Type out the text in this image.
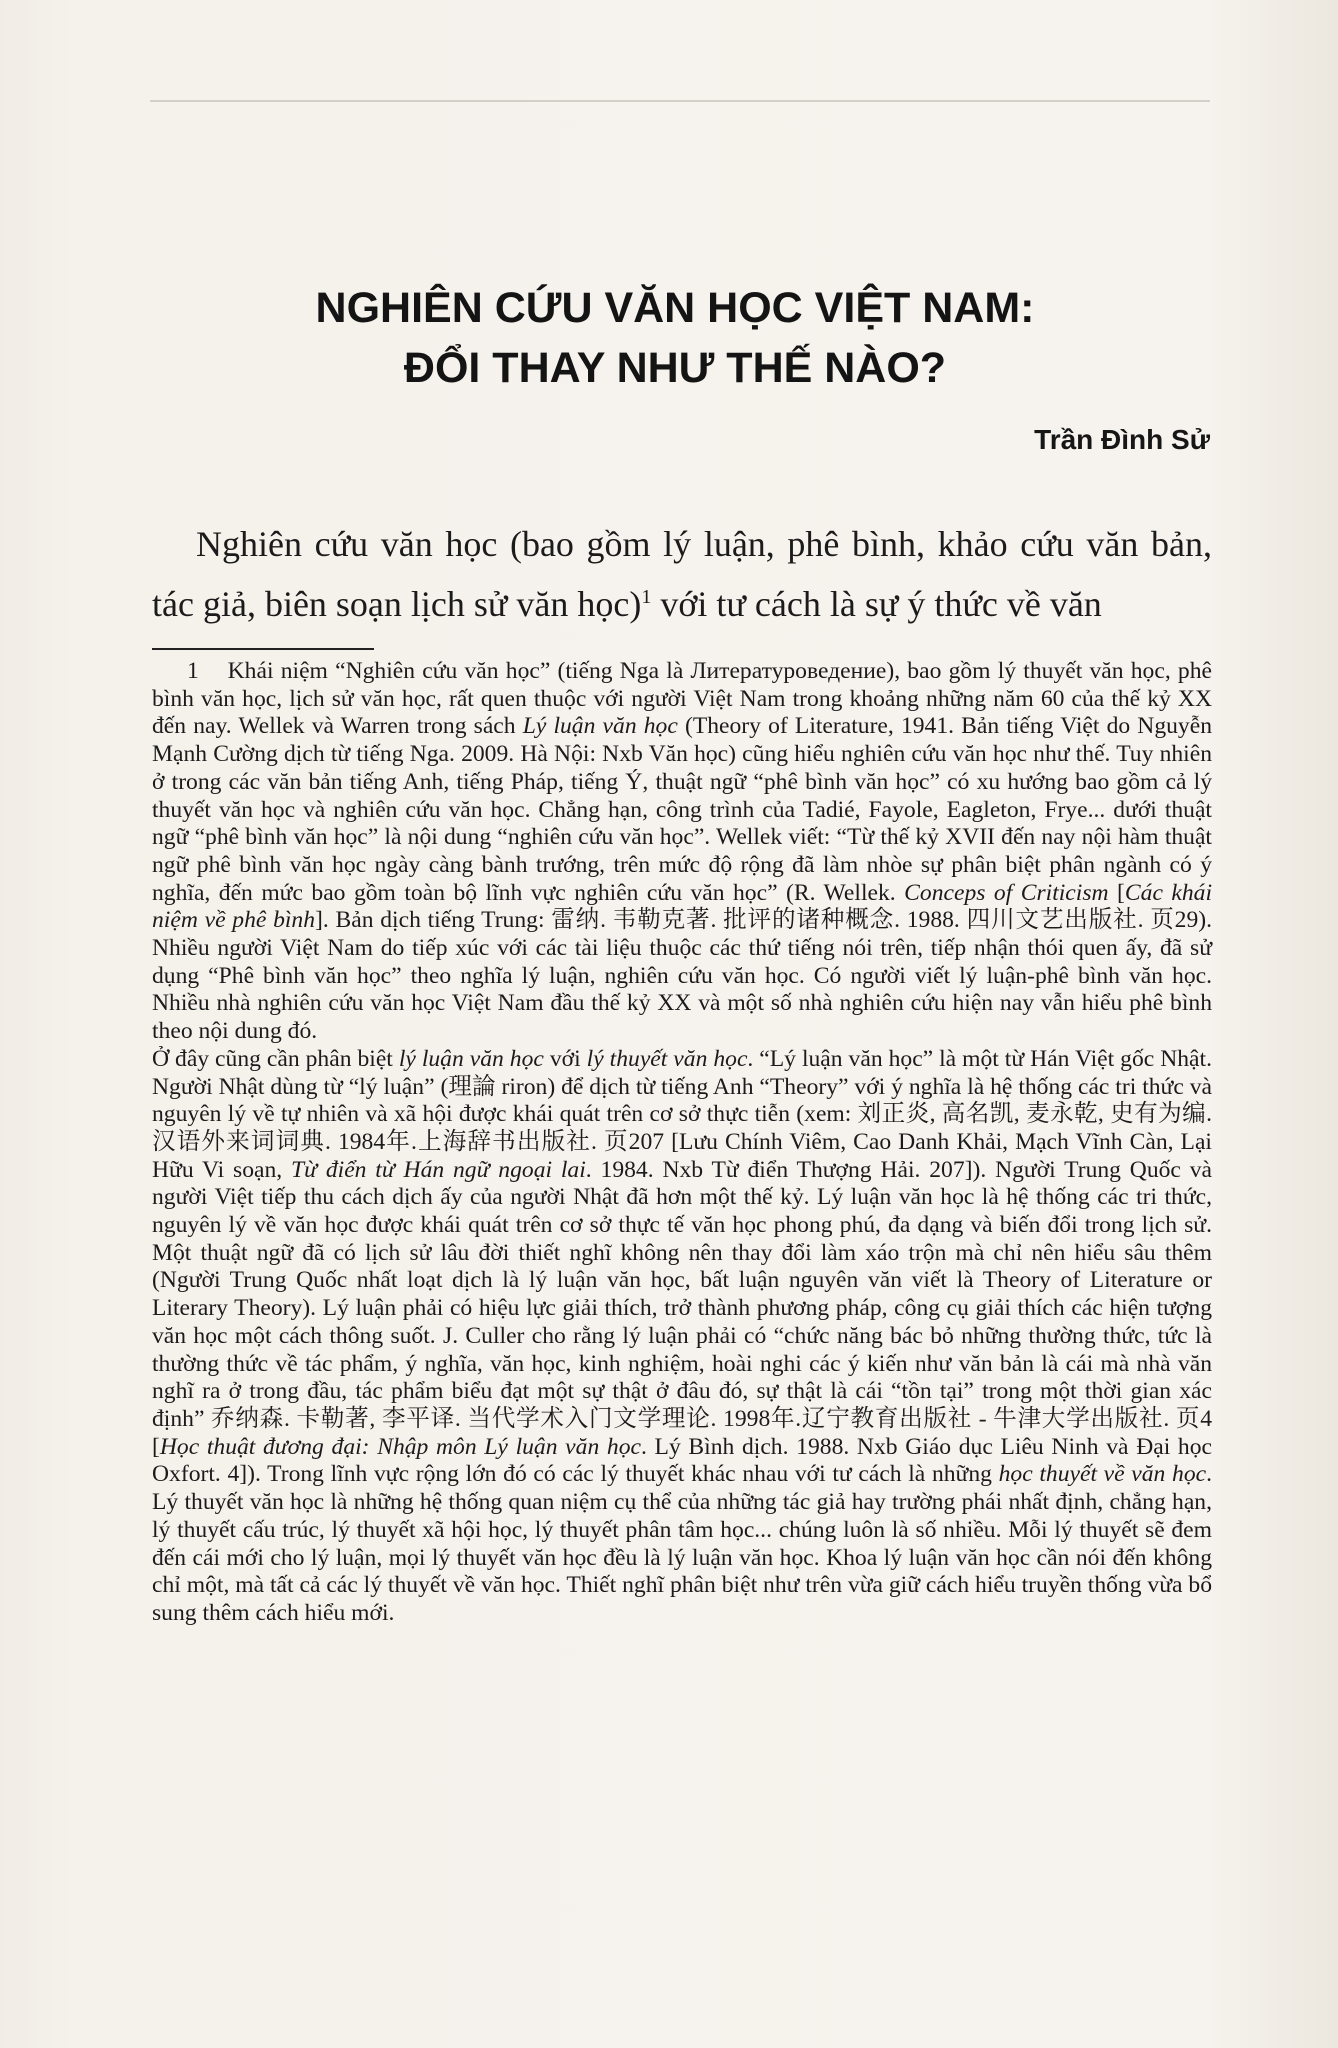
NGHIÊN CỨU VĂN HỌC VIỆT NAM:
ĐỔI THAY NHƯ THẾ NÀO?
Trần Đình Sử

Nghiên cứu văn học (bao gồm lý luận, phê bình, khảo cứu văn bản, tác giả, biên soạn lịch sử văn học)$^1$ với tư cách là sự ý thức về văn

1 Khái niệm “Nghiên cứu văn học” (tiếng Nga là Литературоведение), bao gồm lý thuyết văn học, phê bình văn học, lịch sử văn học, rất quen thuộc với người Việt Nam trong khoảng những năm 60 của thế kỷ XX đến nay. Wellek và Warren trong sách Lý luận văn học (Theory of Literature, 1941. Bản tiếng Việt do Nguyễn Mạnh Cường dịch từ tiếng Nga. 2009. Hà Nội: Nxb Văn học) cũng hiểu nghiên cứu văn học như thế. Tuy nhiên ở trong các văn bản tiếng Anh, tiếng Pháp, tiếng Ý, thuật ngữ “phê bình văn học” có xu hướng bao gồm cả lý thuyết văn học và nghiên cứu văn học. Chẳng hạn, công trình của Tadié, Fayole, Eagleton, Frye... dưới thuật ngữ “phê bình văn học” là nội dung “nghiên cứu văn học”. Wellek viết: “Từ thế kỷ XVII đến nay nội hàm thuật ngữ phê bình văn học ngày càng bành trướng, trên mức độ rộng đã làm nhòe sự phân biệt phân ngành có ý nghĩa, đến mức bao gồm toàn bộ lĩnh vực nghiên cứu văn học” (R. Wellek. Conceps of Criticism [Các khái niệm về phê bình]. Bản dịch tiếng Trung: 雷纳. 韦勒克著. 批评的诸种概念. 1988. 四川文艺出版社. 页29). Nhiều người Việt Nam do tiếp xúc với các tài liệu thuộc các thứ tiếng nói trên, tiếp nhận thói quen ấy, đã sử dụng “Phê bình văn học” theo nghĩa lý luận, nghiên cứu văn học. Có người viết lý luận-phê bình văn học. Nhiều nhà nghiên cứu văn học Việt Nam đầu thế kỷ XX và một số nhà nghiên cứu hiện nay vẫn hiểu phê bình theo nội dung đó.

Ở đây cũng cần phân biệt lý luận văn học với lý thuyết văn học. “Lý luận văn học” là một từ Hán Việt gốc Nhật. Người Nhật dùng từ “lý luận” (理論 riron) để dịch từ tiếng Anh “Theory” với ý nghĩa là hệ thống các tri thức và nguyên lý về tự nhiên và xã hội được khái quát trên cơ sở thực tiễn (xem: 刘正炎, 高名凯, 麦永乾, 史有为编. 汉语外来词词典. 1984年.上海辞书出版社. 页207 [Lưu Chính Viêm, Cao Danh Khải, Mạch Vĩnh Càn, Lại Hữu Vi soạn, Từ điển từ Hán ngữ ngoại lai. 1984. Nxb Từ điển Thượng Hải. 207]). Người Trung Quốc và người Việt tiếp thu cách dịch ấy của người Nhật đã hơn một thế kỷ. Lý luận văn học là hệ thống các tri thức, nguyên lý về văn học được khái quát trên cơ sở thực tế văn học phong phú, đa dạng và biến đổi trong lịch sử. Một thuật ngữ đã có lịch sử lâu đời thiết nghĩ không nên thay đổi làm xáo trộn mà chỉ nên hiểu sâu thêm (Người Trung Quốc nhất loạt dịch là lý luận văn học, bất luận nguyên văn viết là Theory of Literature or Literary Theory). Lý luận phải có hiệu lực giải thích, trở thành phương pháp, công cụ giải thích các hiện tượng văn học một cách thông suốt. J. Culler cho rằng lý luận phải có “chức năng bác bỏ những thường thức, tức là thường thức về tác phẩm, ý nghĩa, văn học, kinh nghiệm, hoài nghi các ý kiến như văn bản là cái mà nhà văn nghĩ ra ở trong đầu, tác phẩm biểu đạt một sự thật ở đâu đó, sự thật là cái “tồn tại” trong một thời gian xác định” 乔纳森. 卡勒著, 李平译. 当代学术入门文学理论. 1998年.辽宁教育出版社 - 牛津大学出版社. 页4 [Học thuật đương đại: Nhập môn Lý luận văn học. Lý Bình dịch. 1988. Nxb Giáo dục Liêu Ninh và Đại học Oxfort. 4]). Trong lĩnh vực rộng lớn đó có các lý thuyết khác nhau với tư cách là những học thuyết về văn học. Lý thuyết văn học là những hệ thống quan niệm cụ thể của những tác giả hay trường phái nhất định, chẳng hạn, lý thuyết cấu trúc, lý thuyết xã hội học, lý thuyết phân tâm học... chúng luôn là số nhiều. Mỗi lý thuyết sẽ đem đến cái mới cho lý luận, mọi lý thuyết văn học đều là lý luận văn học. Khoa lý luận văn học cần nói đến không chỉ một, mà tất cả các lý thuyết về văn học. Thiết nghĩ phân biệt như trên vừa giữ cách hiểu truyền thống vừa bổ sung thêm cách hiểu mới.
